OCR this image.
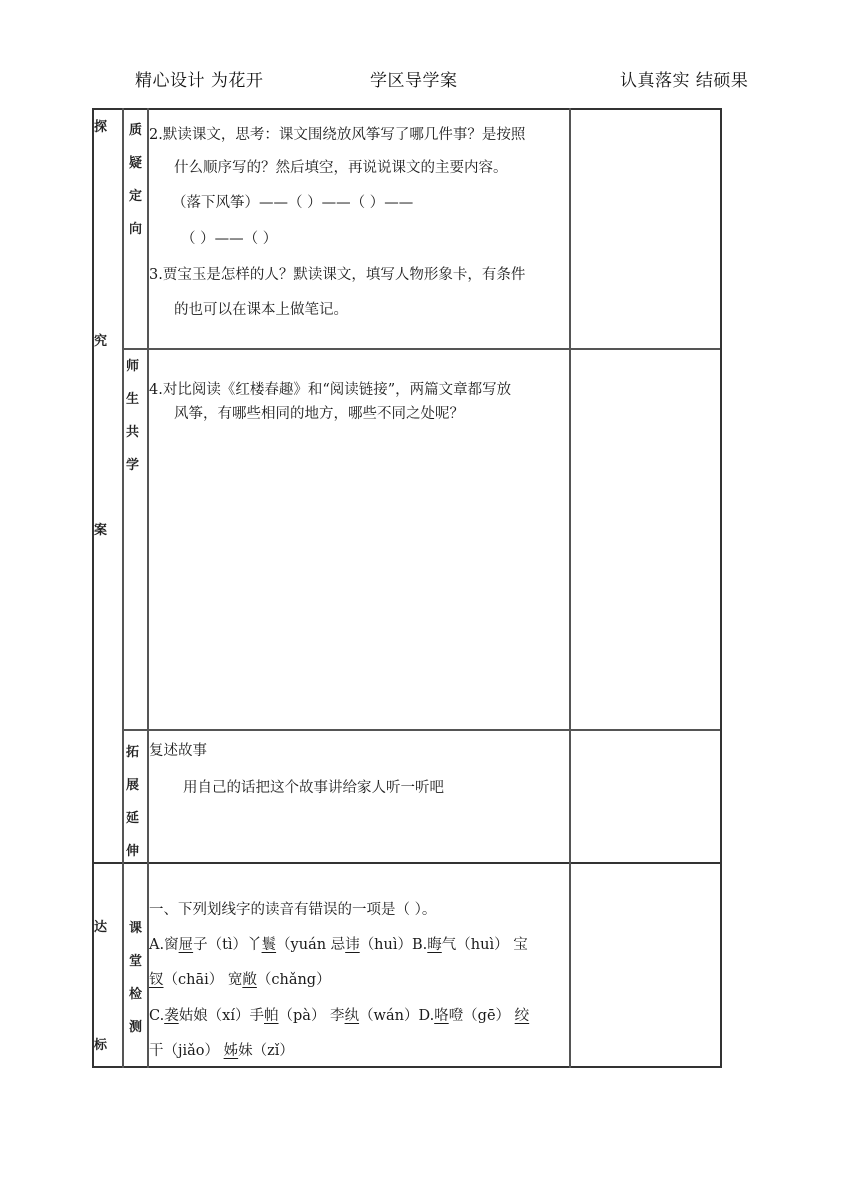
精心设计 为花开	学区导学案	认真落实 结硕果
探
究
案
达
标
质
疑
定
向
师
生
共
学
拓
展
延
伸
课
堂
检
测
2.默读课文，思考：课文围绕放风筝写了哪几件事？是按照
什么顺序写的？然后填空，再说说课文的主要内容。
（落下风筝）——（ ）——（ ）——
（ ）——（ ）
3.贾宝玉是怎样的人？默读课文，填写人物形象卡，有条件
的也可以在课本上做笔记。
4.对比阅读《红楼春趣》和“阅读链接”，两篇文章都写放
风筝，有哪些相同的地方，哪些不同之处呢？
复述故事
用自己的话把这个故事讲给家人听一听吧
一、下列划线字的读音有错误的一项是（ ）。
A.窗屉子（tì）丫鬟（yuán 忌讳（huì）B.晦气（huì） 宝
钗（chāi） 宽敞（chǎng）
C.袭姑娘（xí）手帕（pà） 李纨（wán）D.咯噔（gē） 绞
干（jiǎo） 姊妹（zǐ）
